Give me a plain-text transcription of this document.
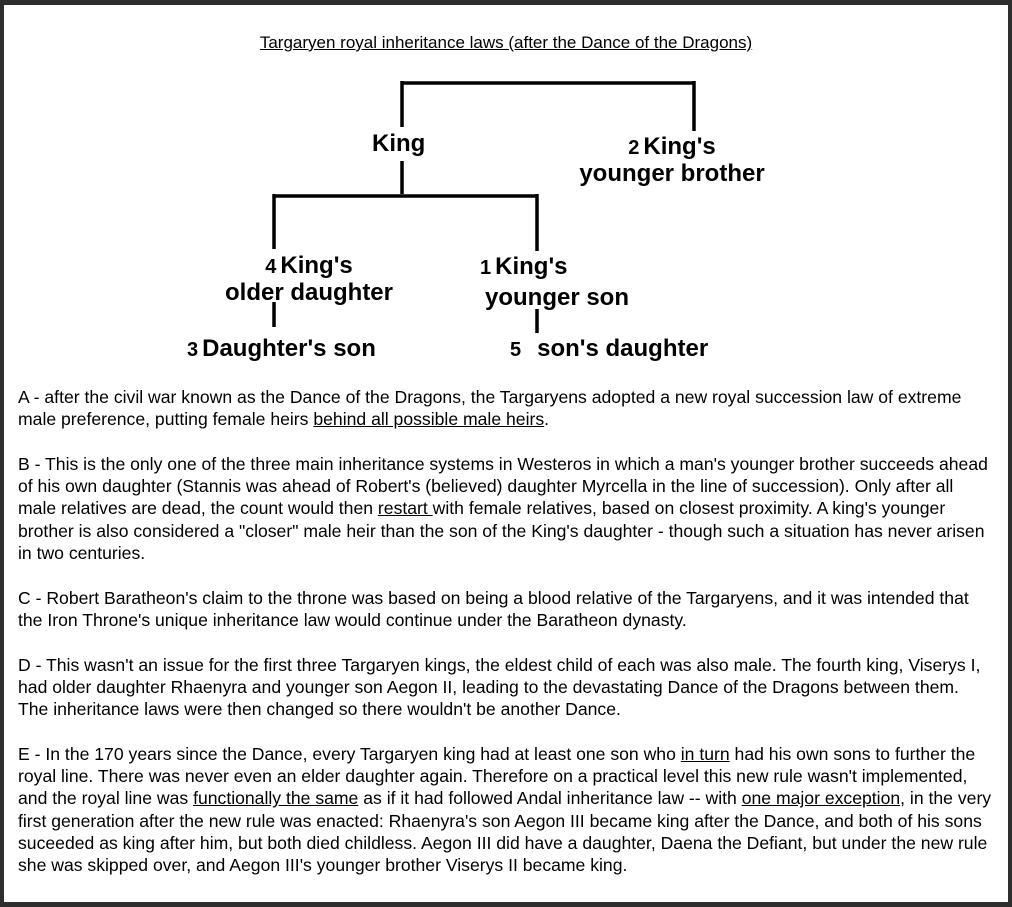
Targaryen royal inheritance laws (after the Dance of the Dragons)
King	2 King's
younger brother
4 King's
older daughter
1 King's
younger son
3 Daughter's son	5 son's daughter

A - after the civil war known as the Dance of the Dragons, the Targaryens adopted a new royal succession law of extreme male preference, putting female heirs behind all possible male heirs.

B - This is the only one of the three main inheritance systems in Westeros in which a man's younger brother succeeds ahead of his own daughter (Stannis was ahead of Robert's (believed) daughter Myrcella in the line of succession). Only after all male relatives are dead, the count would then restart with female relatives, based on closest proximity. A king's younger brother is also considered a "closer" male heir than the son of the King's daughter - though such a situation has never arisen in two centuries.

C - Robert Baratheon's claim to the throne was based on being a blood relative of the Targaryens, and it was intended that the Iron Throne's unique inheritance law would continue under the Baratheon dynasty.

D - This wasn't an issue for the first three Targaryen kings, the eldest child of each was also male. The fourth king, Viserys I, had older daughter Rhaenyra and younger son Aegon II, leading to the devastating Dance of the Dragons between them. The inheritance laws were then changed so there wouldn't be another Dance.

E - In the 170 years since the Dance, every Targaryen king had at least one son who in turn had his own sons to further the royal line. There was never even an elder daughter again. Therefore on a practical level this new rule wasn't implemented, and the royal line was functionally the same as if it had followed Andal inheritance law -- with one major exception, in the very first generation after the new rule was enacted: Rhaenyra's son Aegon III became king after the Dance, and both of his sons suceeded as king after him, but both died childless. Aegon III did have a daughter, Daena the Defiant, but under the new rule she was skipped over, and Aegon III's younger brother Viserys II became king.
